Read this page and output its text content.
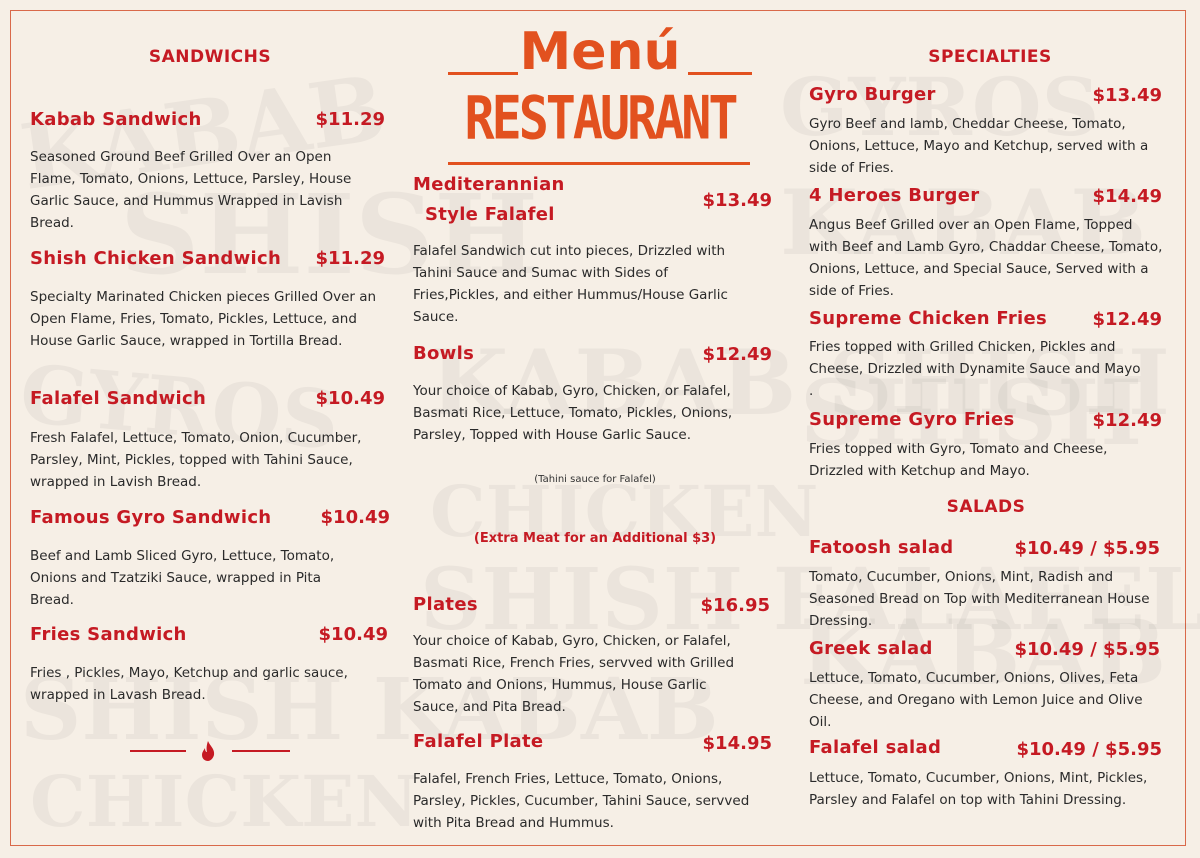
Menú
RESTAURANT
SANDWICHS
Kabab Sandwich	$11.29
Seasoned Ground Beef Grilled Over an Open Flame, Tomato, Onions, Lettuce, Parsley, House Garlic Sauce, and Hummus Wrapped in Lavish Bread.
Shish Chicken Sandwich	$11.29
Specialty Marinated Chicken pieces Grilled Over an Open Flame, Fries, Tomato, Pickles, Lettuce, and House Garlic Sauce, wrapped in Tortilla Bread.
Falafel Sandwich	$10.49
Fresh Falafel, Lettuce, Tomato, Onion, Cucumber, Parsley, Mint, Pickles, topped with Tahini Sauce, wrapped in Lavish Bread.
Famous Gyro Sandwich	$10.49
Beef and Lamb Sliced Gyro, Lettuce, Tomato, Onions and Tzatziki Sauce, wrapped in Pita Bread.
Fries Sandwich	$10.49
Fries , Pickles, Mayo, Ketchup and garlic sauce, wrapped in Lavash Bread.
Mediterannian
Style Falafel
$13.49
Falafel Sandwich cut into pieces, Drizzled with Tahini Sauce and Sumac with Sides of Fries,Pickles, and either Hummus/House Garlic Sauce.
Bowls	$12.49
Your choice of Kabab, Gyro, Chicken, or Falafel, Basmati Rice, Lettuce, Tomato, Pickles, Onions, Parsley, Topped with House Garlic Sauce.
(Tahini sauce for Falafel)
(Extra Meat for an Additional $3)
Plates	$16.95
Your choice of Kabab, Gyro, Chicken, or Falafel, Basmati Rice, French Fries, servved with Grilled Tomato and Onions, Hummus, House Garlic Sauce, and Pita Bread.
Falafel Plate	$14.95
Falafel, French Fries, Lettuce, Tomato, Onions, Parsley, Pickles, Cucumber, Tahini Sauce, servved with Pita Bread and Hummus.
SPECIALTIES
Gyro Burger	$13.49
Gyro Beef and lamb, Cheddar Cheese, Tomato, Onions, Lettuce, Mayo and Ketchup, served with a side of Fries.
4 Heroes Burger	$14.49
Angus Beef Grilled over an Open Flame, Topped with Beef and Lamb Gyro, Chaddar Cheese, Tomato, Onions, Lettuce, and Special Sauce, Served with a side of Fries.
Supreme Chicken Fries	$12.49
Fries topped with Grilled Chicken, Pickles and Cheese, Drizzled with Dynamite Sauce and Mayo .
Supreme Gyro Fries	$12.49
Fries topped with Gyro, Tomato and Cheese, Drizzled with Ketchup and Mayo.
SALADS
Fatoosh salad	$10.49 / $5.95
Tomato, Cucumber, Onions, Mint, Radish and Seasoned Bread on Top with Mediterranean House Dressing.
Greek salad	$10.49 / $5.95
Lettuce, Tomato, Cucumber, Onions, Olives, Feta Cheese, and Oregano with Lemon Juice and Olive Oil.
Falafel salad	$10.49 / $5.95
Lettuce, Tomato, Cucumber, Onions, Mint, Pickles, Parsley and Falafel on top with Tahini Dressing.
